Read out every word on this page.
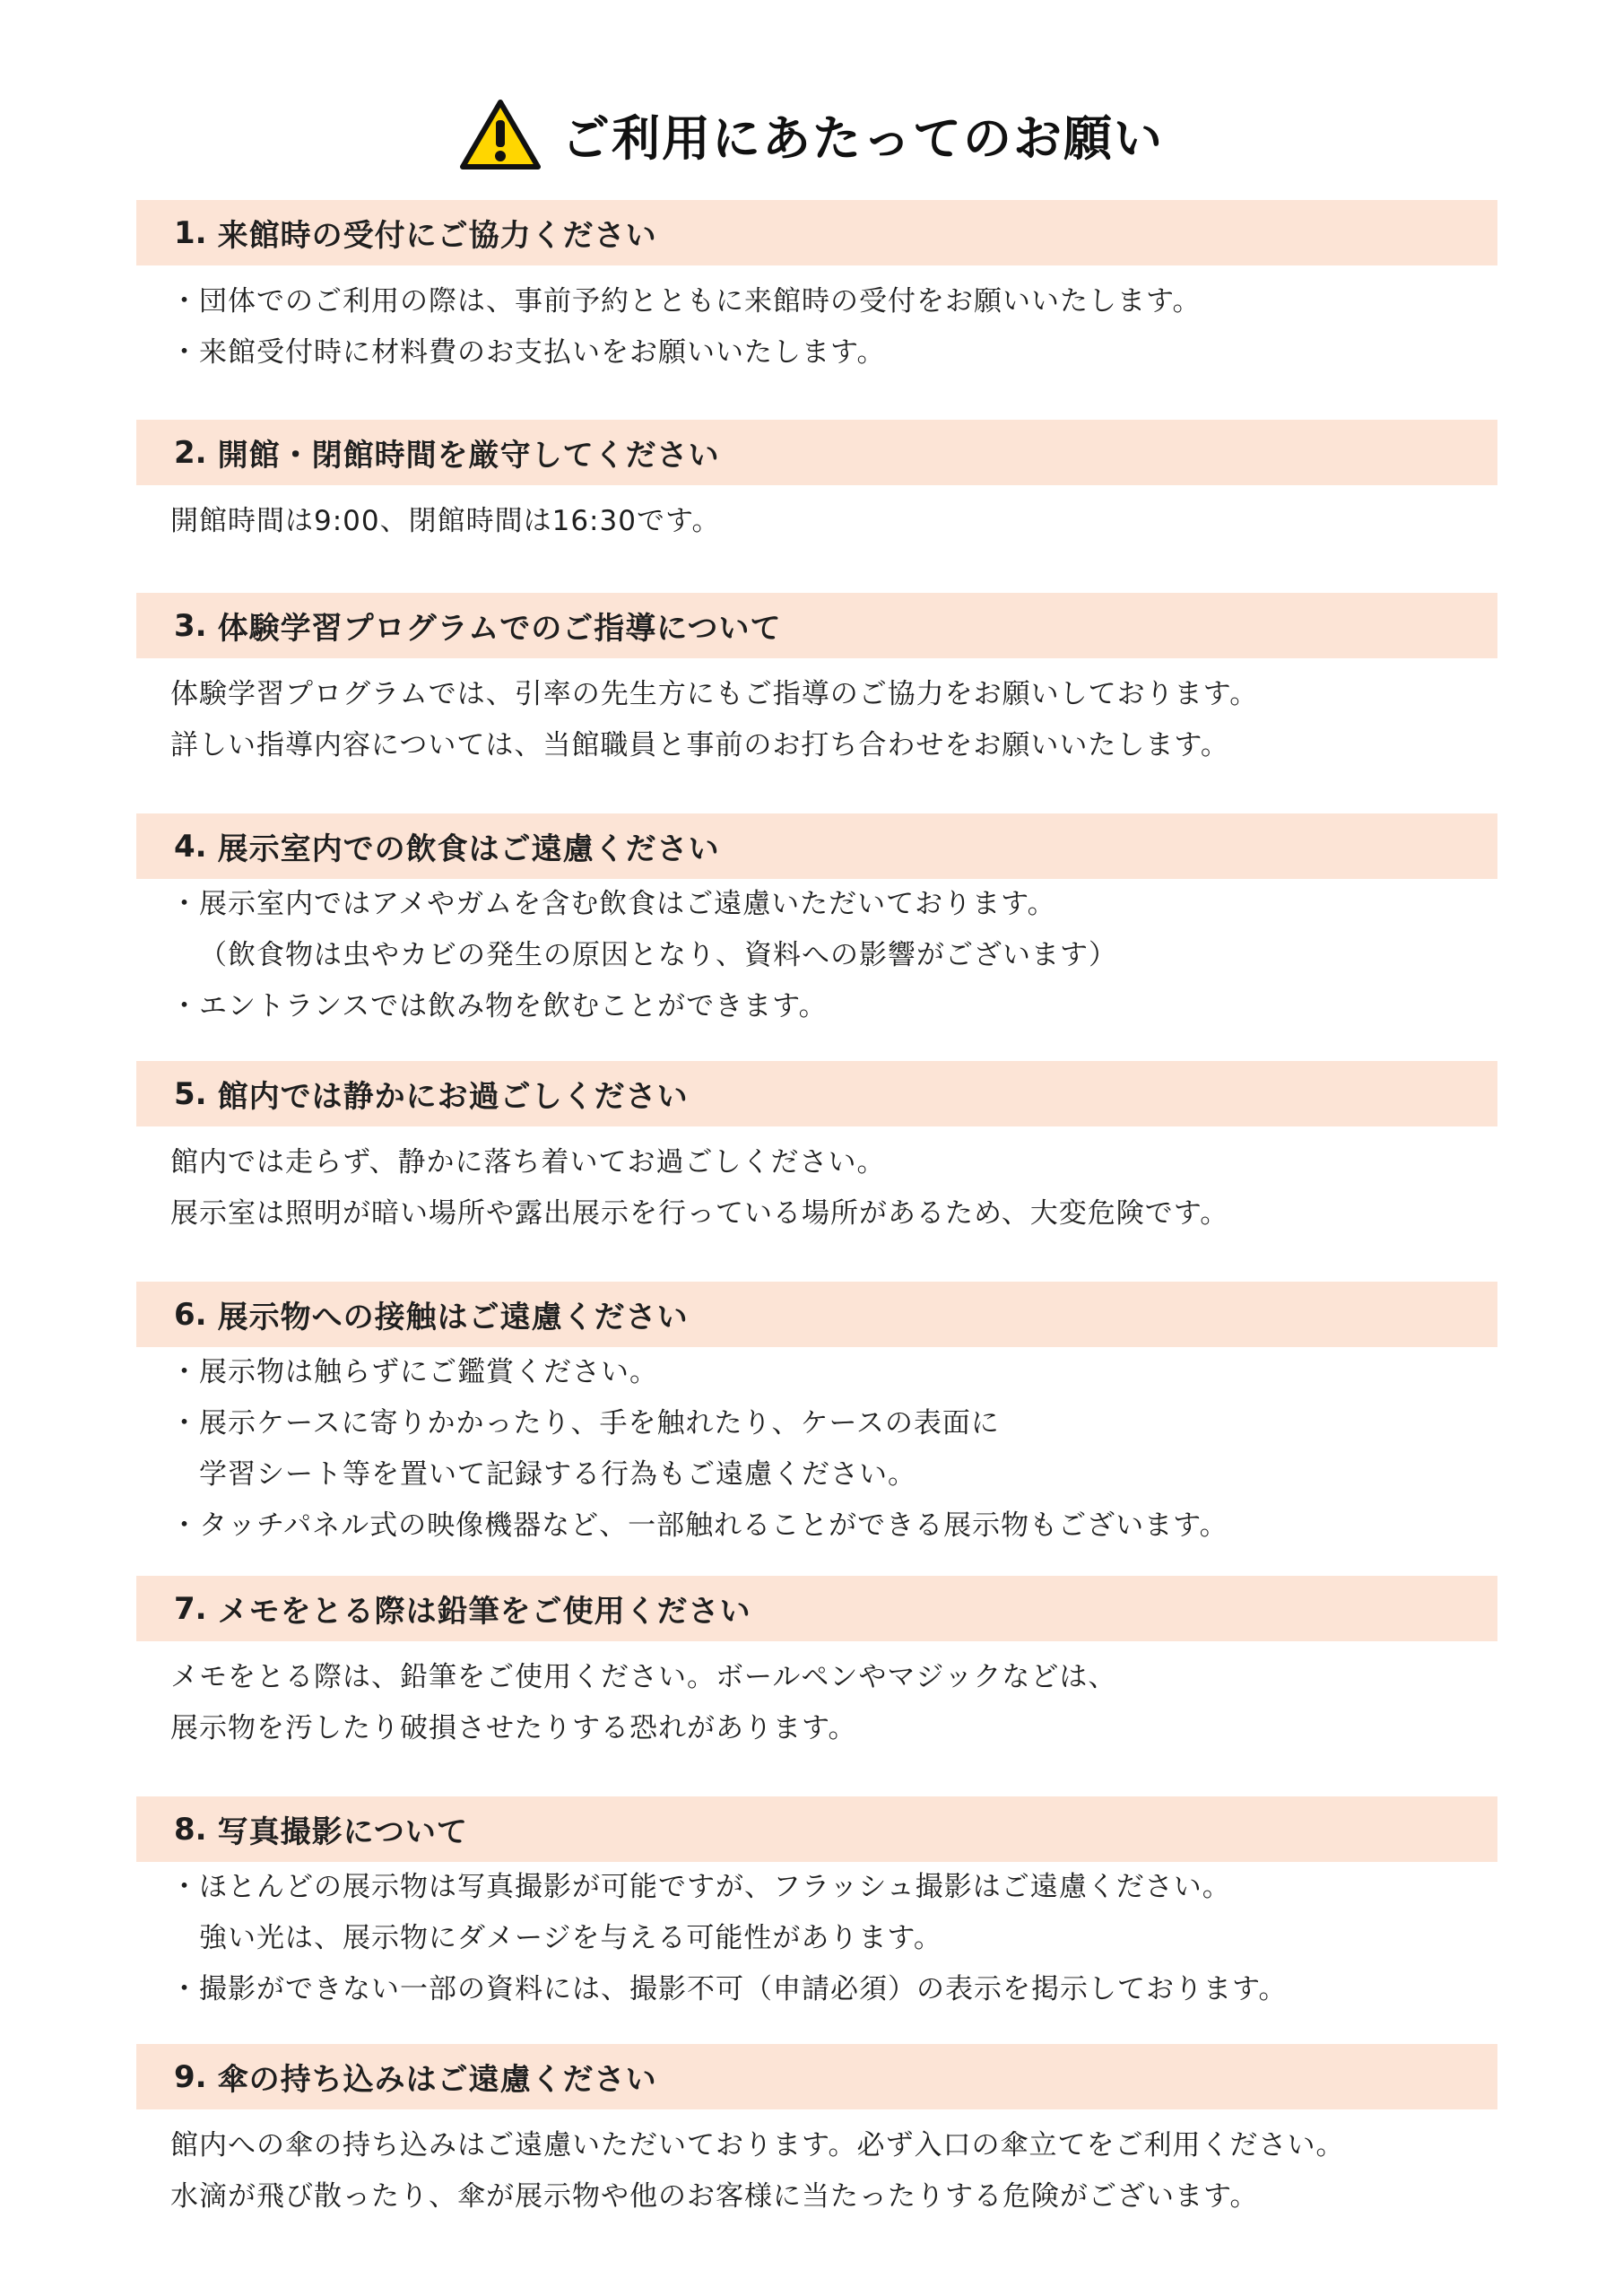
ご利用にあたってのお願い
1. 来館時の受付にご協力ください
・ 団体でのご利用の際は、事前予約とともに来館時の受付をお願いいたします。
・ 来館受付時に材料費のお支払いをお願いいたします。
2. 開館・閉館時間を厳守してください
開館時間は9:00、閉館時間は16:30です。
3. 体験学習プログラムでのご指導について
体験学習プログラムでは、引率の先生方にもご指導のご協力をお願いしております。
詳しい指導内容については、当館職員と事前のお打ち合わせをお願いいたします。
4. 展示室内での飲食はご遠慮ください
・ 展示室内ではアメやガムを含む飲食はご遠慮いただいております。
（飲食物は虫やカビの発生の原因となり、資料への影響がございます）
・ エントランスでは飲み物を飲むことができます。
5. 館内では静かにお過ごしください
館内では走らず、静かに落ち着いてお過ごしください。
展示室は照明が暗い場所や露出展示を行っている場所があるため、大変危険です。
6. 展示物への接触はご遠慮ください
・ 展示物は触らずにご鑑賞ください。
・ 展示ケースに寄りかかったり、手を触れたり、ケースの表面に
学習シート等を置いて記録する行為もご遠慮ください。
・ タッチパネル式の映像機器など、一部触れることができる展示物もございます。
7. メモをとる際は鉛筆をご使用ください
メモをとる際は、鉛筆をご使用ください。ボールペンやマジックなどは、
展示物を汚したり破損させたりする恐れがあります。
8. 写真撮影について
・ ほとんどの展示物は写真撮影が可能ですが、フラッシュ撮影はご遠慮ください。
強い光は、展示物にダメージを与える可能性があります。
・ 撮影ができない一部の資料には、撮影不可（申請必須）の表示を掲示しております。
9. 傘の持ち込みはご遠慮ください
館内への傘の持ち込みはご遠慮いただいております。必ず入口の傘立てをご利用ください。
水滴が飛び散ったり、傘が展示物や他のお客様に当たったりする危険がございます。
